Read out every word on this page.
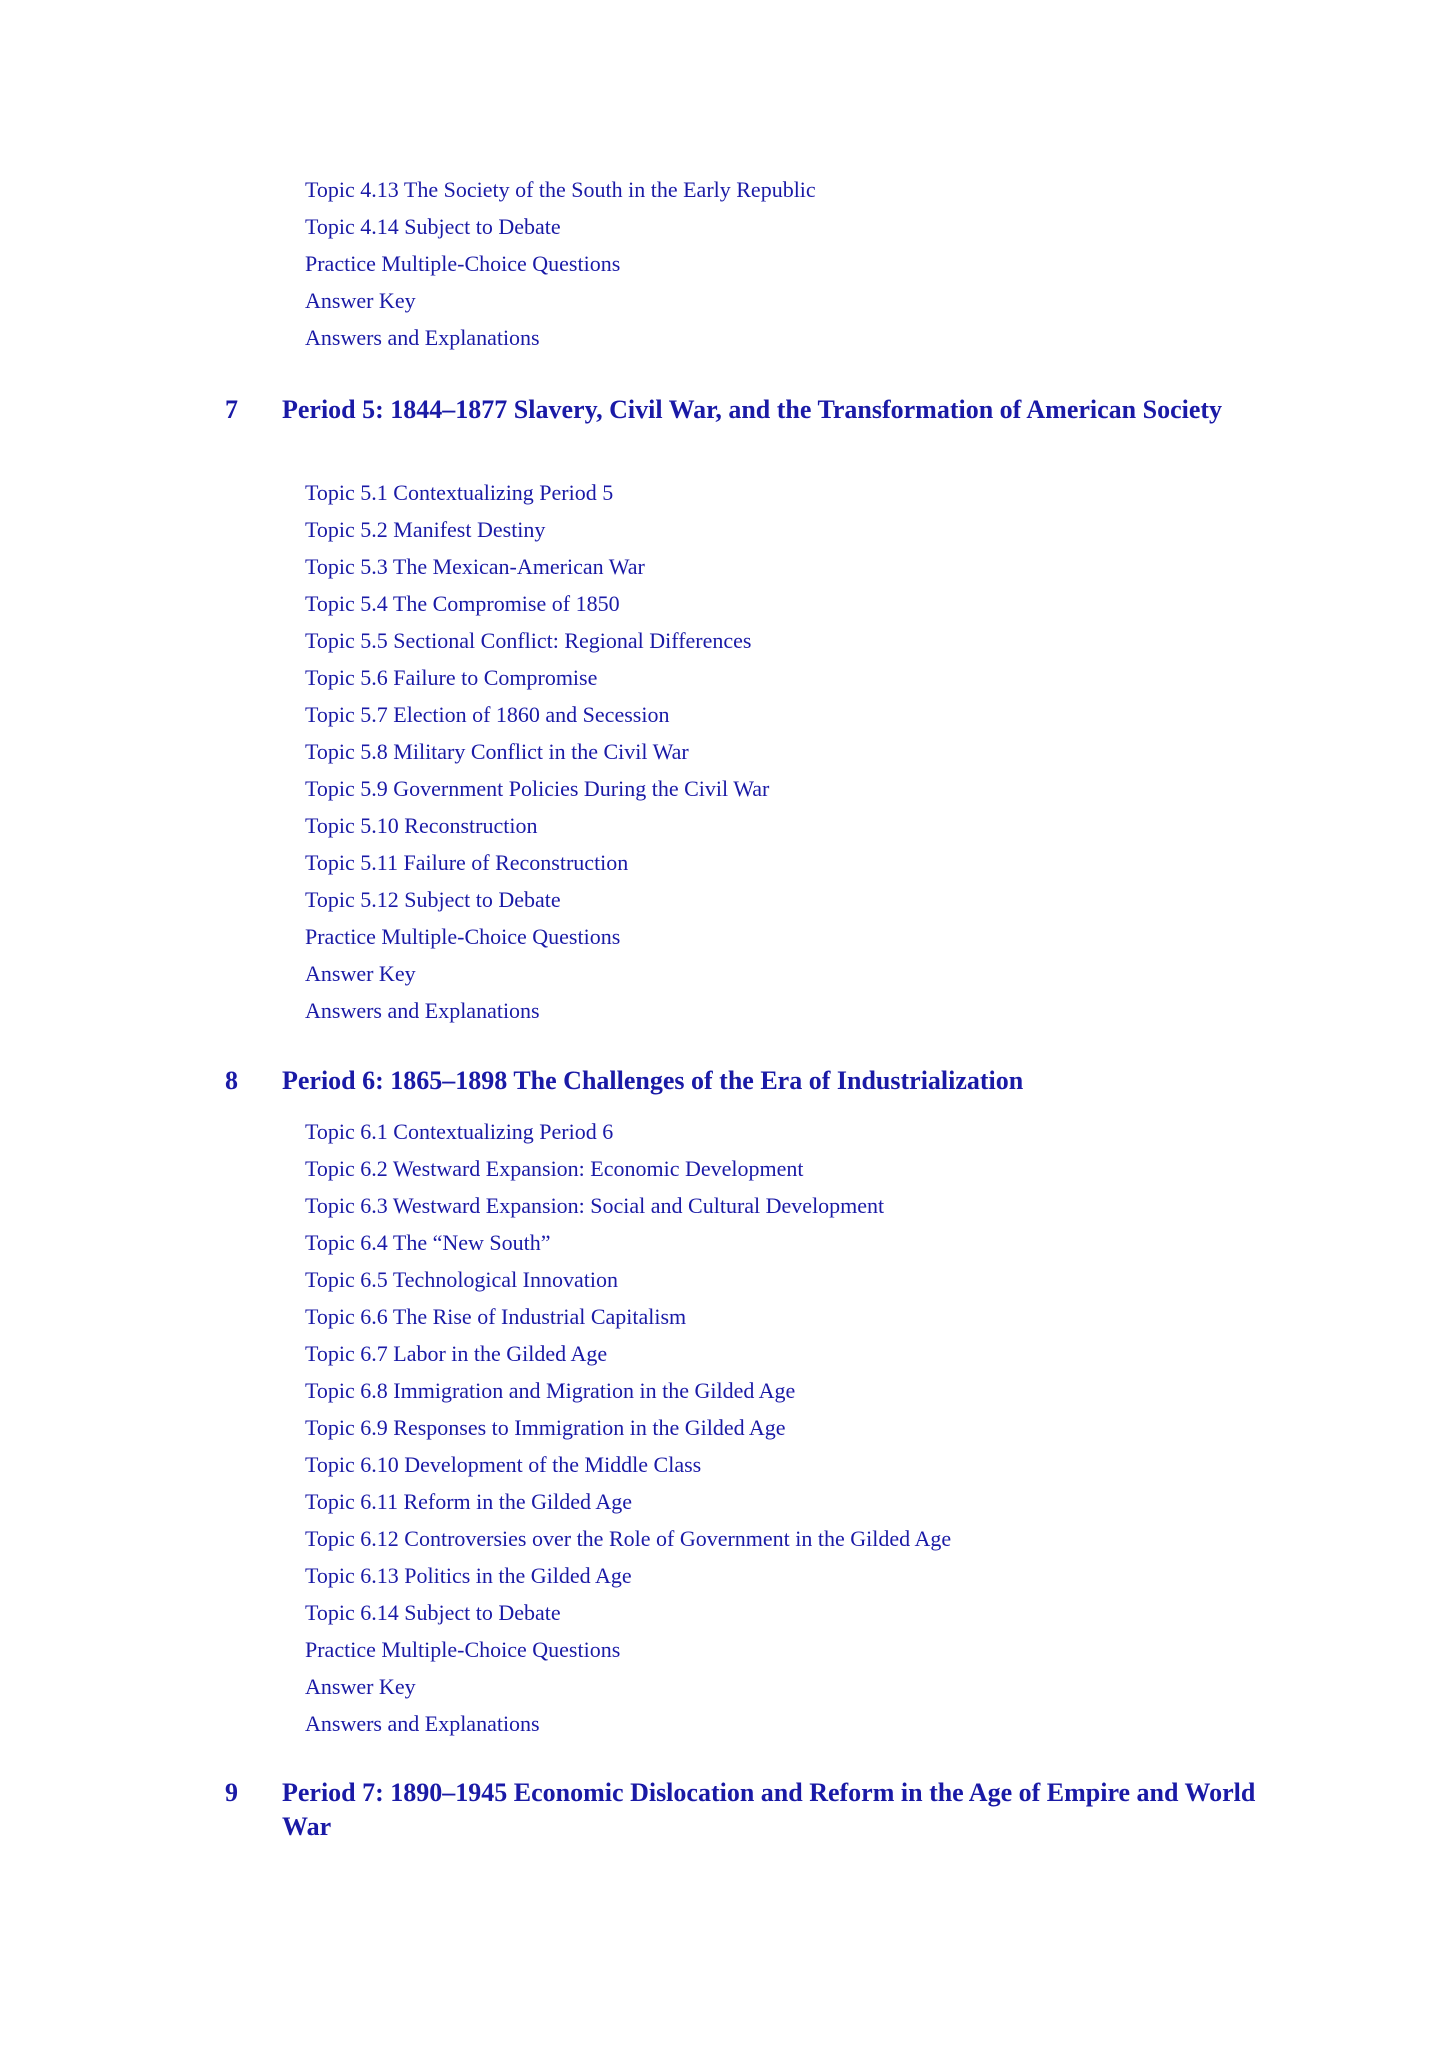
Topic 4.13 The Society of the South in the Early Republic
Topic 4.14 Subject to Debate
Practice Multiple-Choice Questions
Answer Key
Answers and Explanations
7 Period 5: 1844–1877 Slavery, Civil War, and the Transformation of American Society
Topic 5.1 Contextualizing Period 5
Topic 5.2 Manifest Destiny
Topic 5.3 The Mexican-American War
Topic 5.4 The Compromise of 1850
Topic 5.5 Sectional Conflict: Regional Differences
Topic 5.6 Failure to Compromise
Topic 5.7 Election of 1860 and Secession
Topic 5.8 Military Conflict in the Civil War
Topic 5.9 Government Policies During the Civil War
Topic 5.10 Reconstruction
Topic 5.11 Failure of Reconstruction
Topic 5.12 Subject to Debate
Practice Multiple-Choice Questions
Answer Key
Answers and Explanations
8 Period 6: 1865–1898 The Challenges of the Era of Industrialization
Topic 6.1 Contextualizing Period 6
Topic 6.2 Westward Expansion: Economic Development
Topic 6.3 Westward Expansion: Social and Cultural Development
Topic 6.4 The “New South”
Topic 6.5 Technological Innovation
Topic 6.6 The Rise of Industrial Capitalism
Topic 6.7 Labor in the Gilded Age
Topic 6.8 Immigration and Migration in the Gilded Age
Topic 6.9 Responses to Immigration in the Gilded Age
Topic 6.10 Development of the Middle Class
Topic 6.11 Reform in the Gilded Age
Topic 6.12 Controversies over the Role of Government in the Gilded Age
Topic 6.13 Politics in the Gilded Age
Topic 6.14 Subject to Debate
Practice Multiple-Choice Questions
Answer Key
Answers and Explanations
9 Period 7: 1890–1945 Economic Dislocation and Reform in the Age of Empire and World War
